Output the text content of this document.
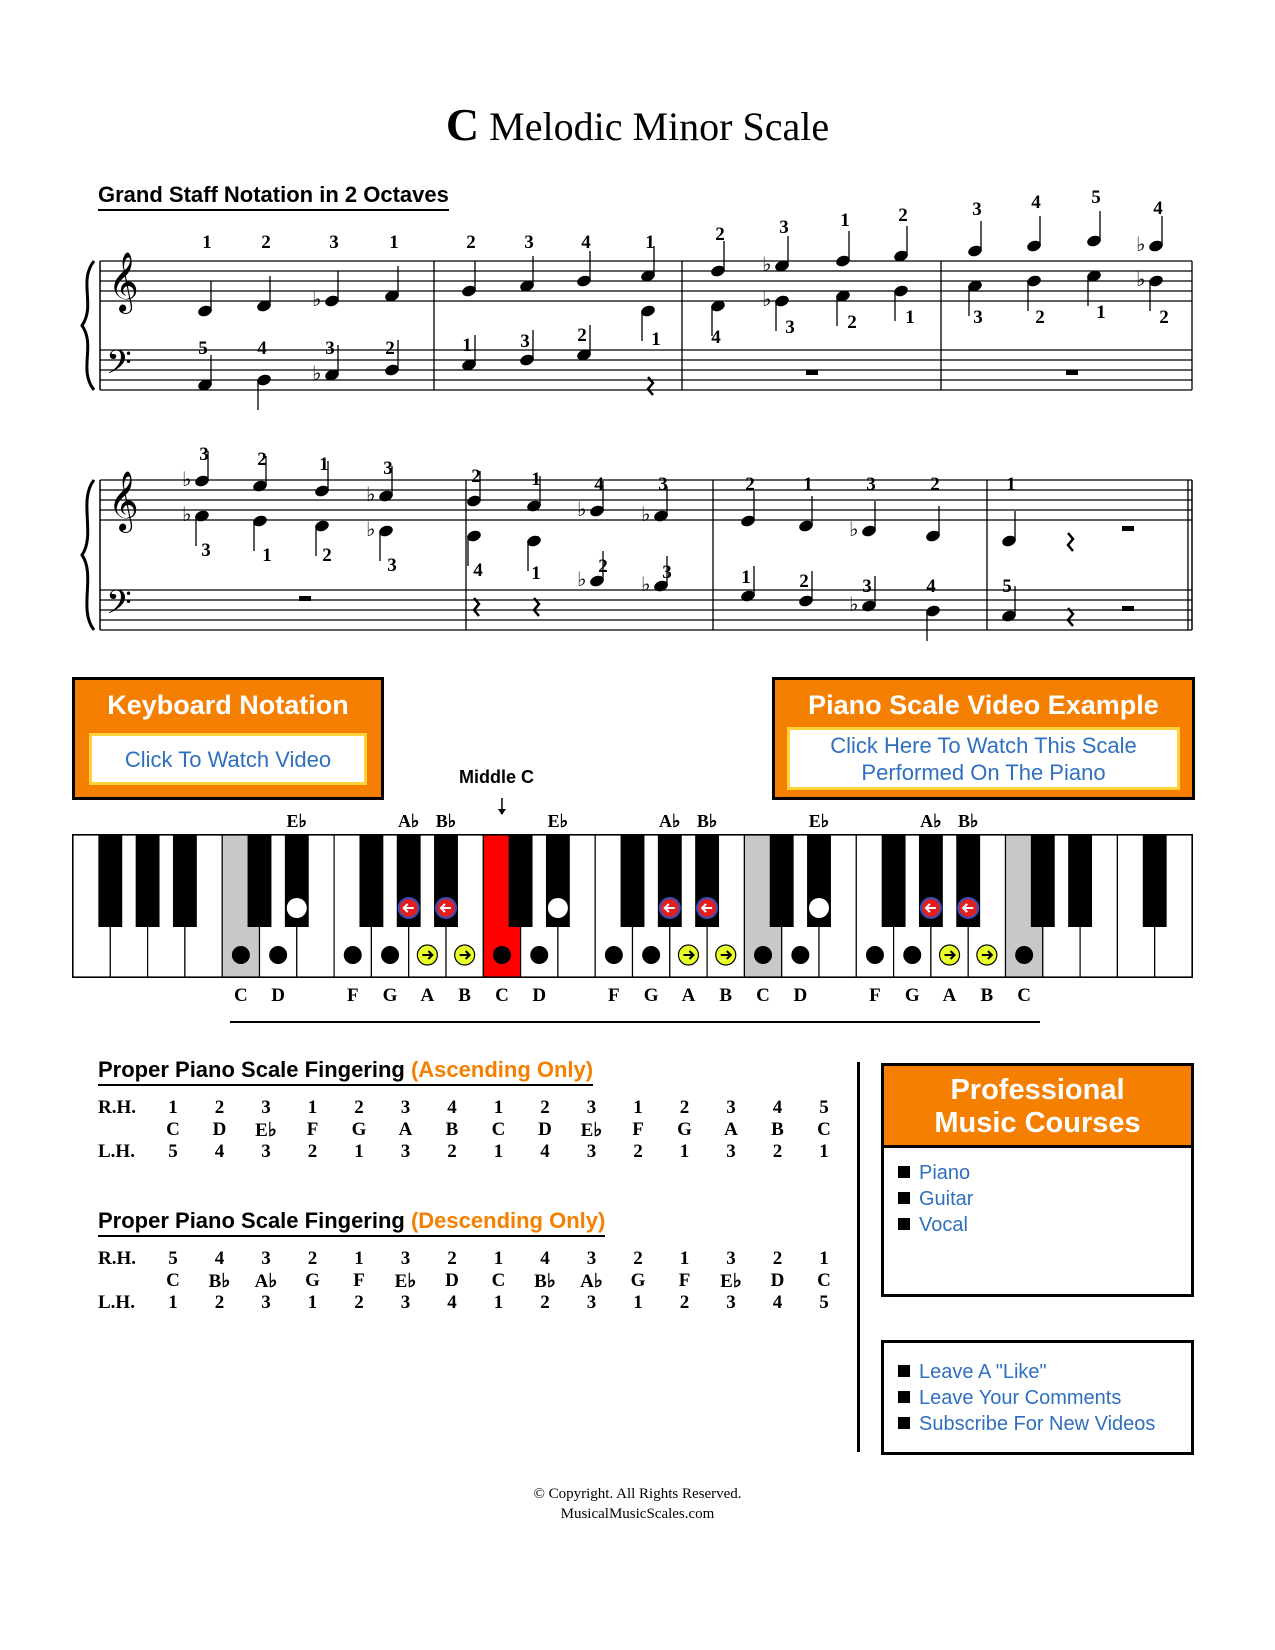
C Melodic Minor Scale
Grand Staff Notation in 2 Octaves
𝄞
𝄢
1	2
♭
3	1	2	3	4	1	2
♭
3	1	2	3	4	5
♭
4
1	4
♭
3	2	1	3	2	1
♭
2
5	4
♭
3	2	1	3	2
𝄞
𝄢
♭
3	2	1
♭
3	2	1
♭
4
♭
3	2	1
♭
3	2	1
♭
3	1	2
♭
3	4	1 ♭
2
♭ 3	1	2
♭
3	4	5
E♭	A♭ B♭	E♭	A♭ B♭	E♭	A♭ B♭
C D	F G A B C D	F G A B C D	F G A B C
Keyboard Notation
Click To Watch Video
Piano Scale Video Example
Click Here To Watch This Scale
Performed On The Piano
Middle C
Proper Piano Scale Fingering (Ascending Only)
R.H.	1	2	3	1	2	3	4	1	2	3	1	2	3	4	5
C	D	E♭	F	G	A	B	C	D	E♭	F	G	A	B	C
L.H.	5	4	3	2	1	3	2	1	4	3	2	1	3	2	1
Proper Piano Scale Fingering (Descending Only)
R.H.	5	4	3	2	1	3	2	1	4	3	2	1	3	2	1
C	B♭	A♭	G	F	E♭	D	C	B♭	A♭	G	F	E♭	D	C
L.H.	1	2	3	1	2	3	4	1	2	3	1	2	3	4	5
Professional
Music Courses
Piano
Guitar
Vocal
Leave A "Like"
Leave Your Comments
Subscribe For New Videos
© Copyright. All Rights Reserved.
MusicalMusicScales.com
